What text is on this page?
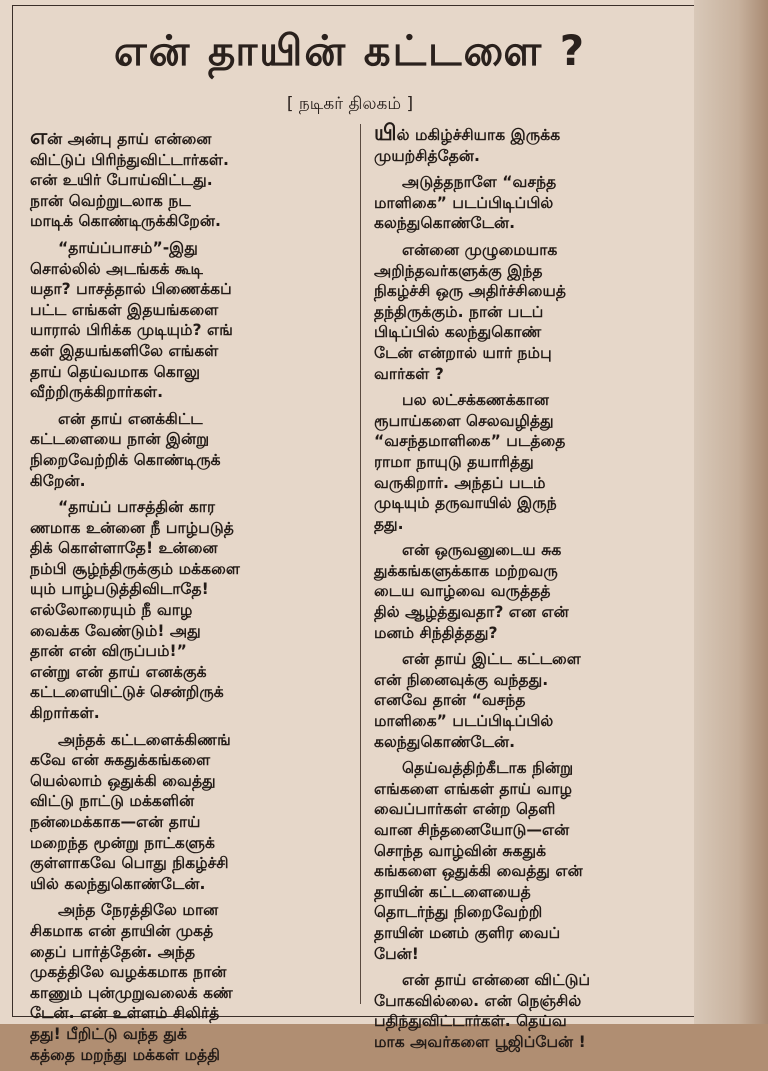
என் தாயின் கட்டளை ?
[ நடிகர் திலகம் ]

என் அன்பு தாய் என்னை
விட்டுப் பிரிந்துவிட்டார்கள்.
என் உயிர் போய்விட்டது.
நான் வெற்றுடலாக நட
மாடிக் கொண்டிருக்கிறேன்.

“தாய்ப்பாசம்”-இது
சொல்லில் அடங்கக் கூடி
யதா? பாசத்தால் பிணைக்கப்
பட்ட எங்கள் இதயங்களை
யாரால் பிரிக்க முடியும்? எங்
கள் இதயங்களிலே எங்கள்
தாய் தெய்வமாக கொலு
வீற்றிருக்கிறார்கள்.

என் தாய் எனக்கிட்ட
கட்டளையை நான் இன்று
நிறைவேற்றிக் கொண்டிருக்
கிறேன்.

“தாய்ப் பாசத்தின் கார
ணமாக உன்னை நீ பாழ்படுத்
திக் கொள்ளாதே! உன்னை
நம்பி சூழ்ந்திருக்கும் மக்களை
யும் பாழ்படுத்திவிடாதே!
எல்லோரையும் நீ வாழ
வைக்க வேண்டும்! அது
தான் என் விருப்பம்!”
என்று என் தாய் எனக்குக்
கட்டளையிட்டுச் சென்றிருக்
கிறார்கள்.

அந்தக் கட்டளைக்கிணங்
கவே என் சுகதுக்கங்களை
யெல்லாம் ஒதுக்கி வைத்து
விட்டு நாட்டு மக்களின்
நன்மைக்காக—என் தாய்
மறைந்த மூன்று நாட்களுக்
குள்ளாகவே பொது நிகழ்ச்சி
யில் கலந்துகொண்டேன்.

அந்த நேரத்திலே மான
சிகமாக என் தாயின் முகத்
தைப் பார்த்தேன். அந்த
முகத்திலே வழக்கமாக நான்
காணும் புன்முறுவலைக் கண்
டேன். என் உள்ளம் சிலிர்த்
தது! பீறிட்டு வந்த துக்
கத்தை மறந்து மக்கள் மத்தி

யில் மகிழ்ச்சியாக இருக்க
முயற்சித்தேன்.

அடுத்தநாளே “வசந்த
மாளிகை” படப்பிடிப்பில்
கலந்துகொண்டேன்.

என்னை முழுமையாக
அறிந்தவர்களுக்கு இந்த
நிகழ்ச்சி ஒரு அதிர்ச்சியைத்
தந்திருக்கும். நான் படப்
பிடிப்பில் கலந்துகொண்
டேன் என்றால் யார் நம்பு
வார்கள் ?

பல லட்சக்கணக்கான
ரூபாய்களை செலவழித்து
“வசந்தமாளிகை” படத்தை
ராமா நாயுடு தயாரித்து
வருகிறார். அந்தப் படம்
முடியும் தருவாயில் இருந்
தது.

என் ஒருவனுடைய சுக
துக்கங்களுக்காக மற்றவரு
டைய வாழ்வை வருத்தத்
தில் ஆழ்த்துவதா? என என்
மனம் சிந்தித்தது?

என் தாய் இட்ட கட்டளை
என் நினைவுக்கு வந்தது.
எனவே தான் “வசந்த
மாளிகை” படப்பிடிப்பில்
கலந்துகொண்டேன்.

தெய்வத்திற்கீடாக நின்று
எங்களை எங்கள் தாய் வாழ
வைப்பார்கள் என்ற தெளி
வான சிந்தனையோடு—என்
சொந்த வாழ்வின் சுகதுக்
கங்களை ஒதுக்கி வைத்து என்
தாயின் கட்டளையைத்
தொடர்ந்து நிறைவேற்றி
தாயின் மனம் குளிர வைப்
பேன்!

என் தாய் என்னை விட்டுப்
போகவில்லை. என் நெஞ்சில்
பதிந்துவிட்டார்கள். தெய்வ
மாக அவர்களை பூஜிப்பேன் !
